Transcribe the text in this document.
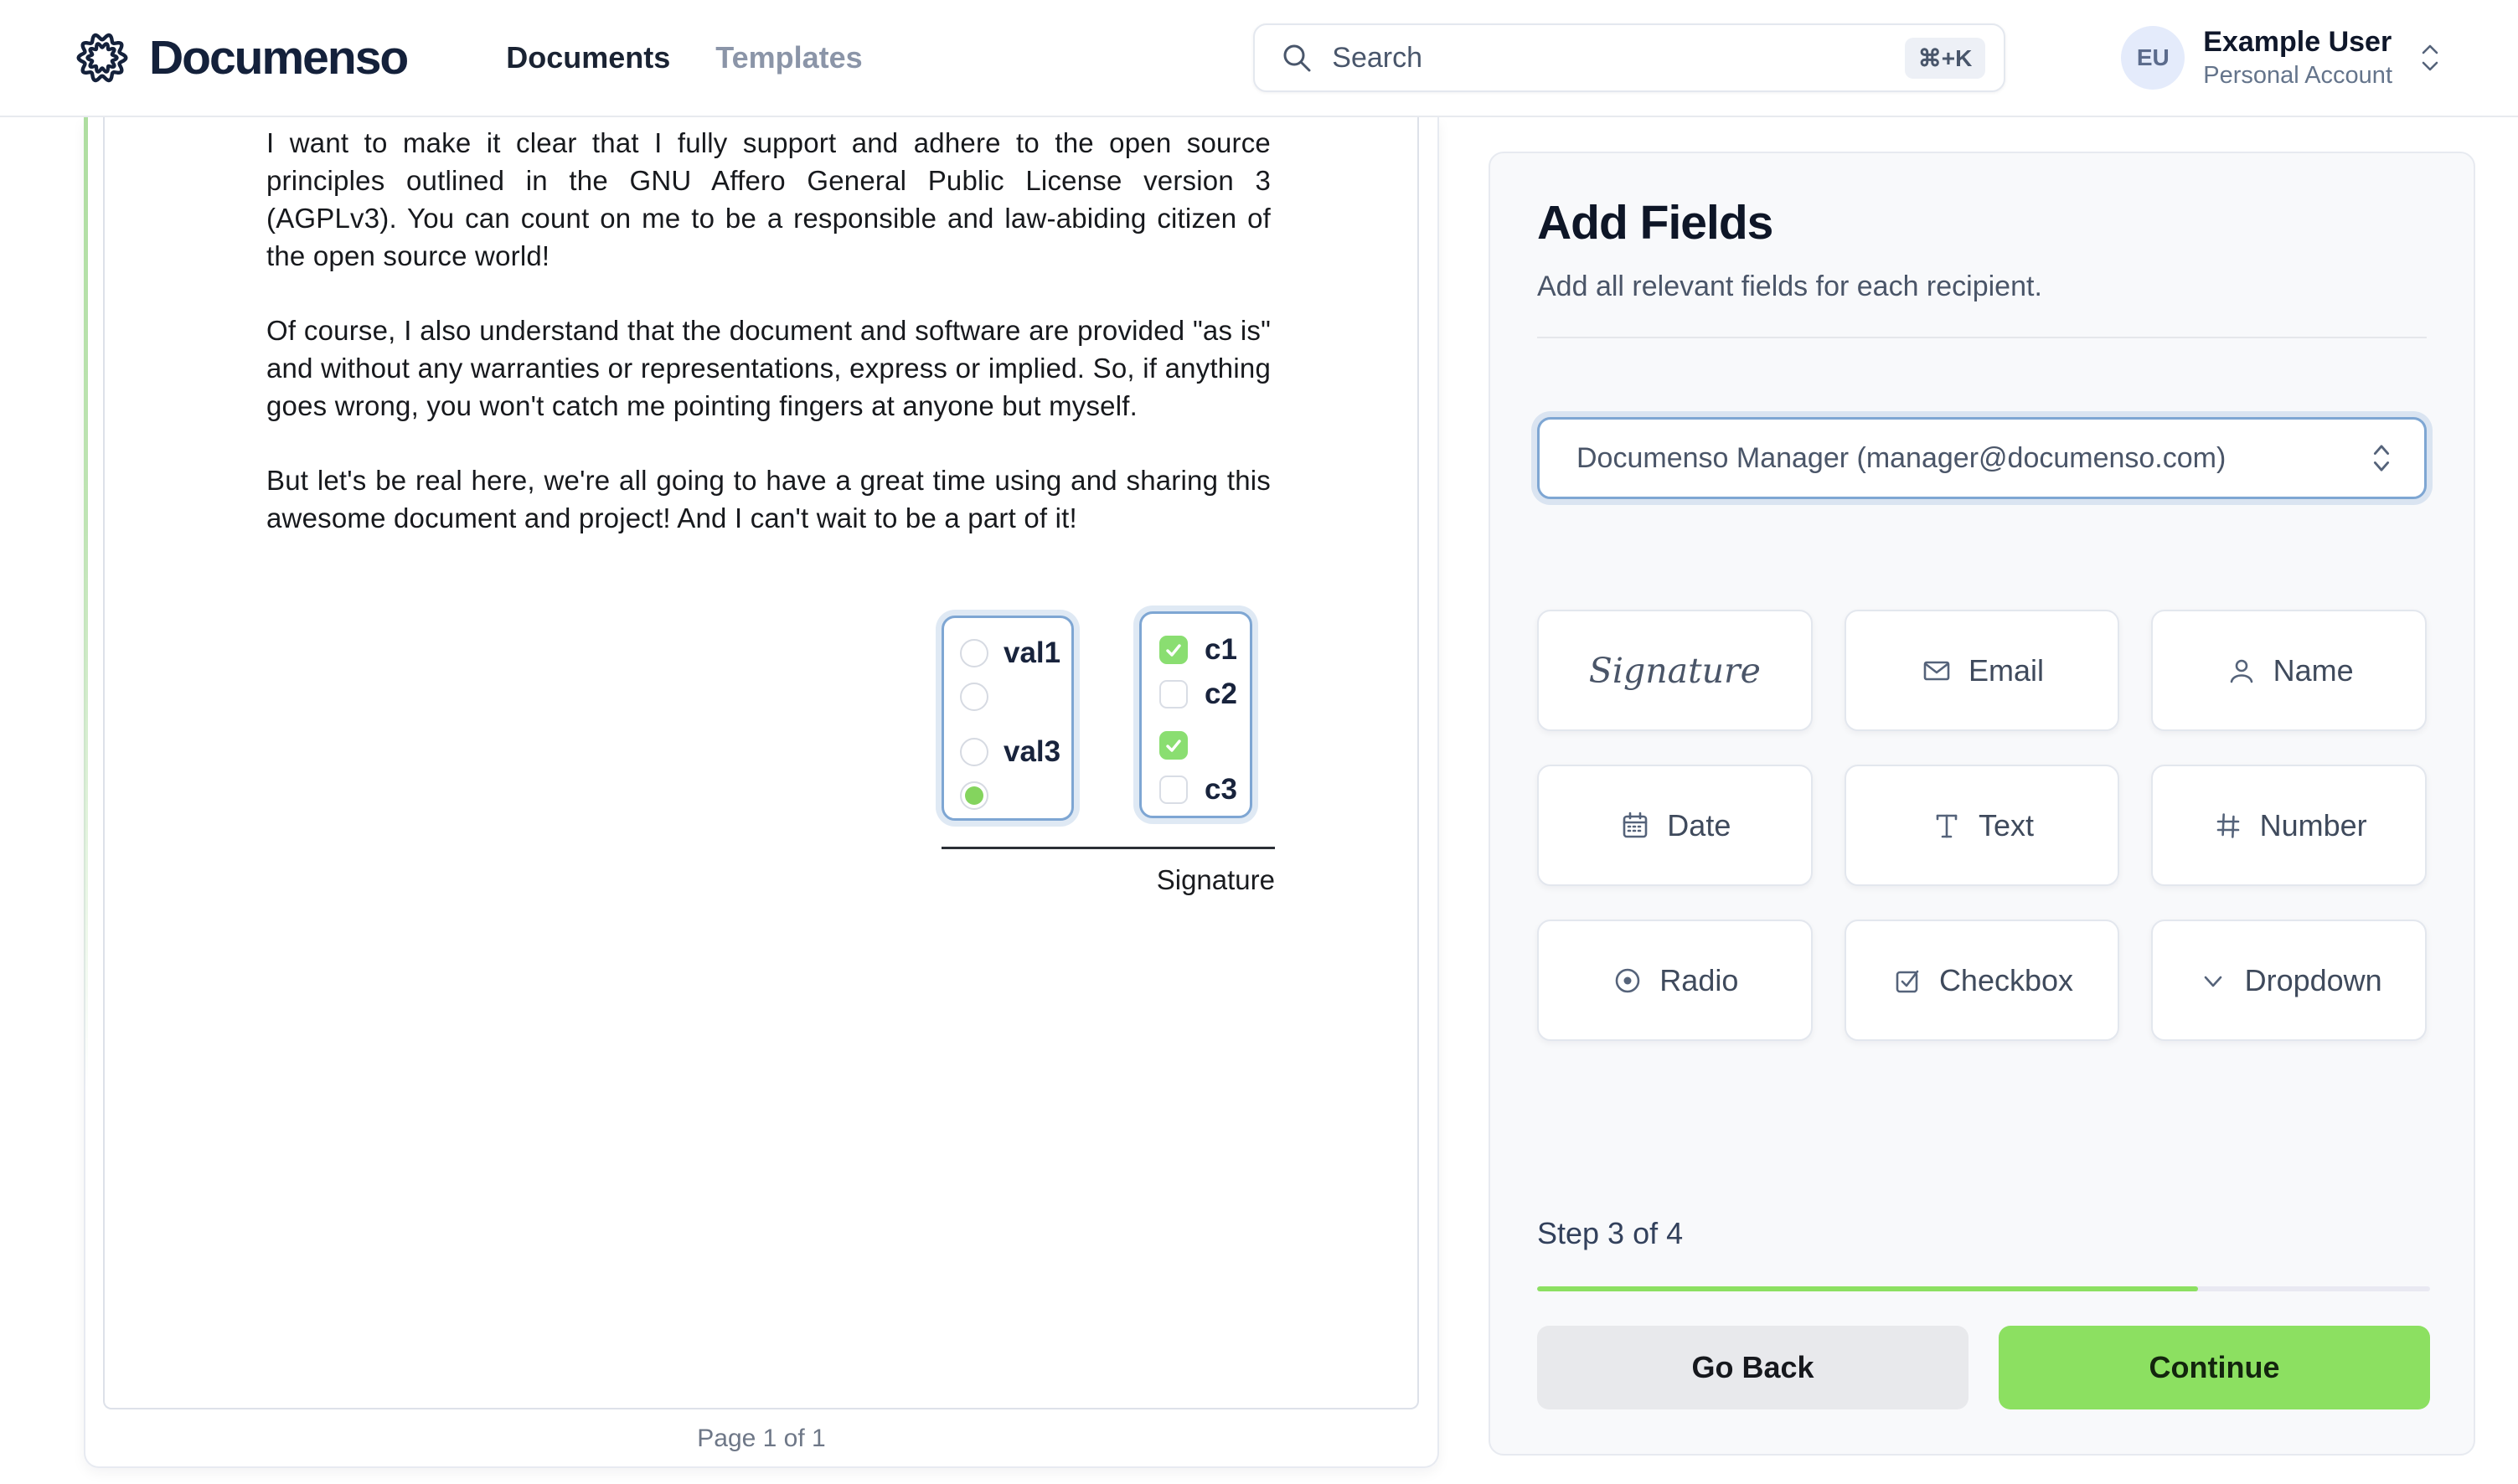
Documenso	Documents Templates	Search	⌘+K	EU	Example User
Personal Account

I want to make it clear that I fully support and adhere to the open source principles outlined in the GNU Affero General Public License version 3 (AGPLv3). You can count on me to be a responsible and law-abiding citizen of the open source world!

Of course, I also understand that the document and software are provided "as is" and without any warranties or representations, express or implied. So, if anything goes wrong, you won't catch me pointing fingers at anyone but myself.

But let's be real here, we're all going to have a great time using and sharing this awesome document and project! And I can't wait to be a part of it!

val1
val3
c1
c2
c3
Signature
Page 1 of 1
Add Fields
Add all relevant fields for each recipient.
Documenso Manager (manager@documenso.com)
Signature	Email	Name
Date	Text	Number
Radio	Checkbox	Dropdown
Step 3 of 4
Go Back	Continue
